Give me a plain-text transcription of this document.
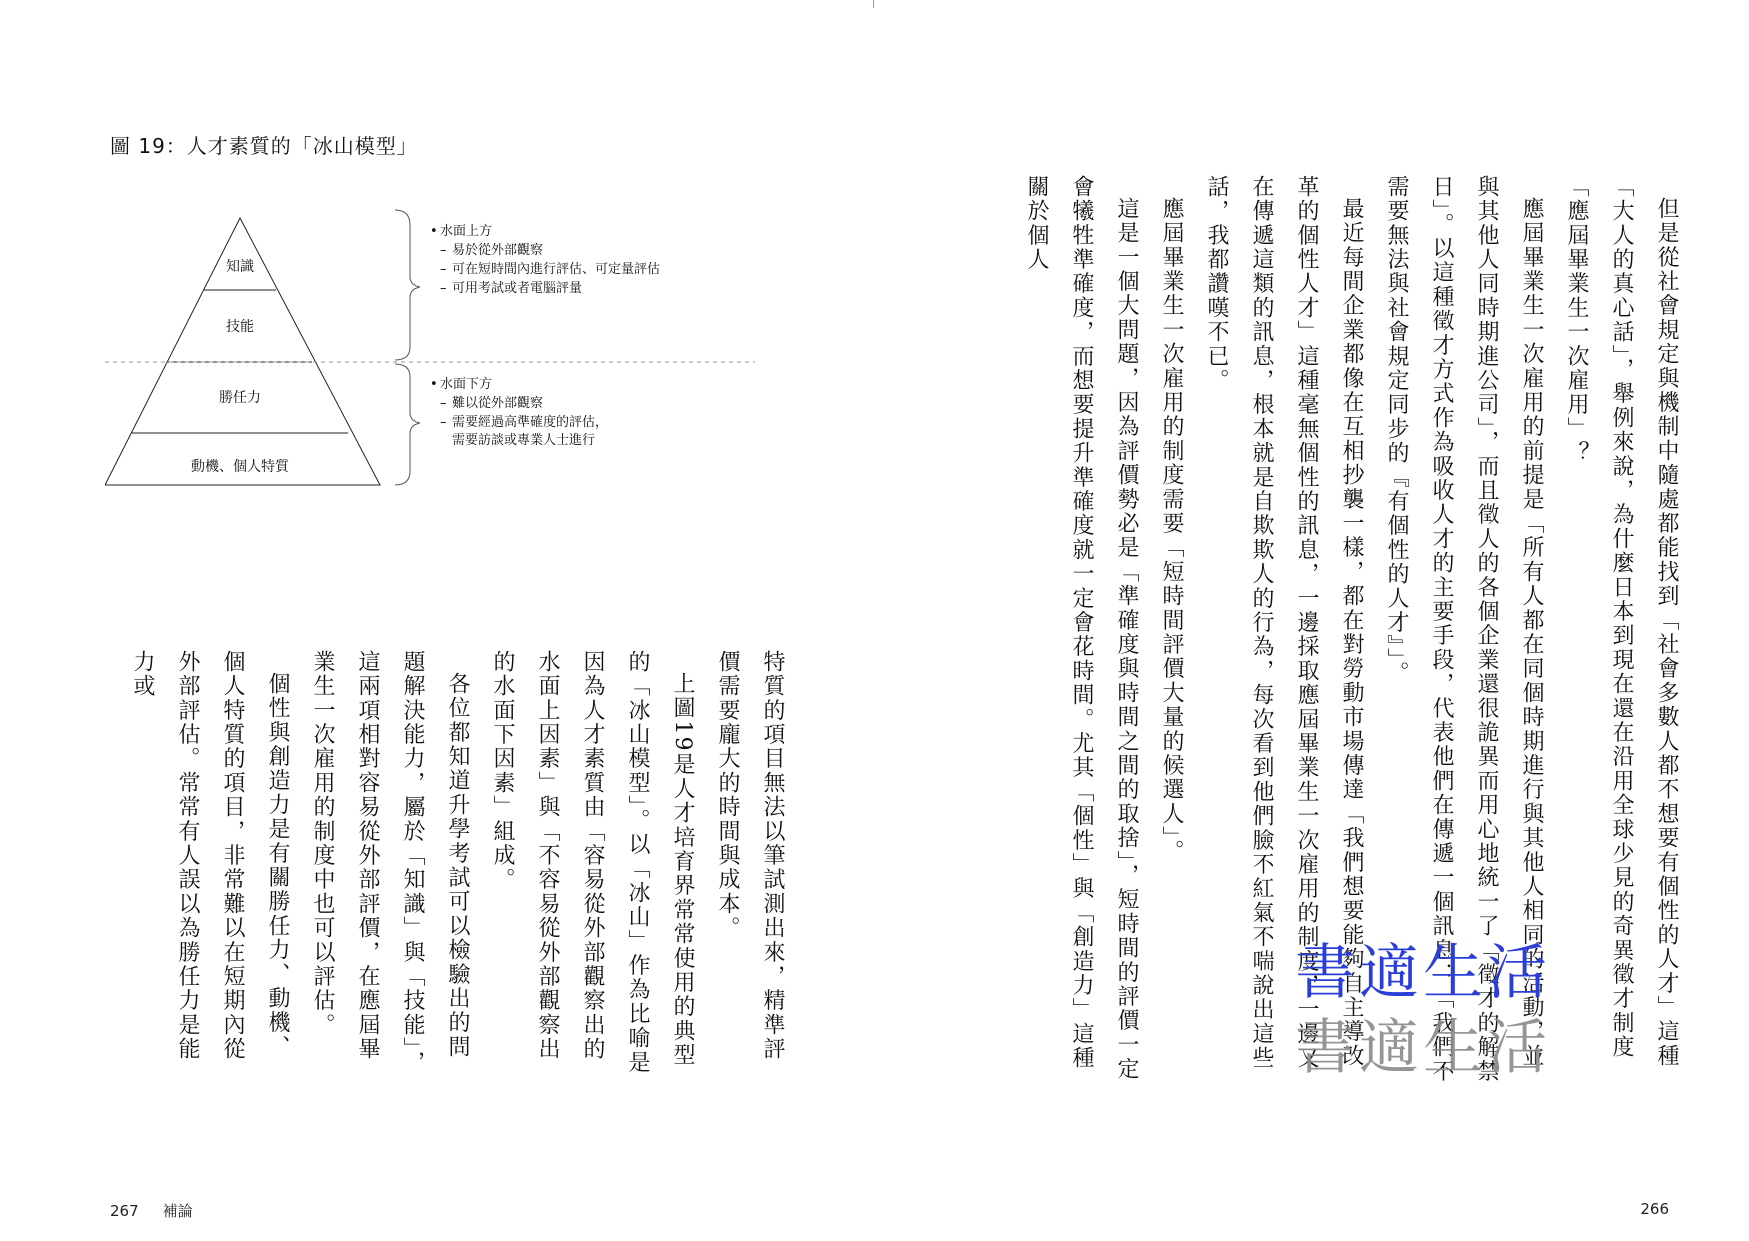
圖 19：人才素質的「冰山模型」
知識
技能
勝任力
動機、個人特質
• 水面上方
– 易於從外部觀察
– 可在短時間內進行評估、可定量評估
– 可用考試或者電腦評量
• 水面下方
– 難以從外部觀察
– 需要經過高準確度的評估，
需要訪談或專業人士進行	但是從社會規定與機制中隨處都能找到「社會多數人都不想要有個性的人才」這種「大人的真心話」，舉例來說，為什麼日本到現在還在沿用全球少見的奇異徵才制度「應屆畢業生一次雇用」？

應屆畢業生一次雇用的前提是「所有人都在同個時期進行與其他人相同的活動，並與其他人同時期進公司」，而且徵人的各個企業還很詭異而用心地統一了「徵才的解禁日」。以這種徵才方式作為吸收人才的主要手段，代表他們在傳遞一個訊息：「我們不需要無法與社會規定同步的『有個性的人才』」。

最近每間企業都像在互相抄襲一樣，都在對勞動市場傳達「我們想要能夠自主導改革的個性人才」這種毫無個性的訊息，一邊採取應屆畢業生一次雇用的制度，一邊又在傳遞這類的訊息，根本就是自欺欺人的行為，每次看到他們臉不紅氣不喘說出這些話，我都讚嘆不已。

應屆畢業生一次雇用的制度需要「短時間評價大量的候選人」。

這是一個大問題，因為評價勢必是「準確度與時間之間的取捨」，短時間的評價一定會犧牲準確度，而想要提升準確度就一定會花時間。尤其「個性」與「創造力」這種關於個人

特質的項目無法以筆試測出來，精準評價需要龐大的時間與成本。

上圖19是人才培育界常常使用的典型的「冰山模型」。以「冰山」作為比喻是因為人才素質由「容易從外部觀察出的水面上因素」與「不容易從外部觀察出的水面下因素」組成。

各位都知道升學考試可以檢驗出的問題解決能力，屬於「知識」與「技能」，這兩項相對容易從外部評價，在應屆畢業生一次雇用的制度中也可以評估。

個性與創造力是有關勝任力、動機、個人特質的項目，非常難以在短期內從外部評估。常常有人誤以為勝任力是能力或

書適生活
書適生活
267 補論	266
